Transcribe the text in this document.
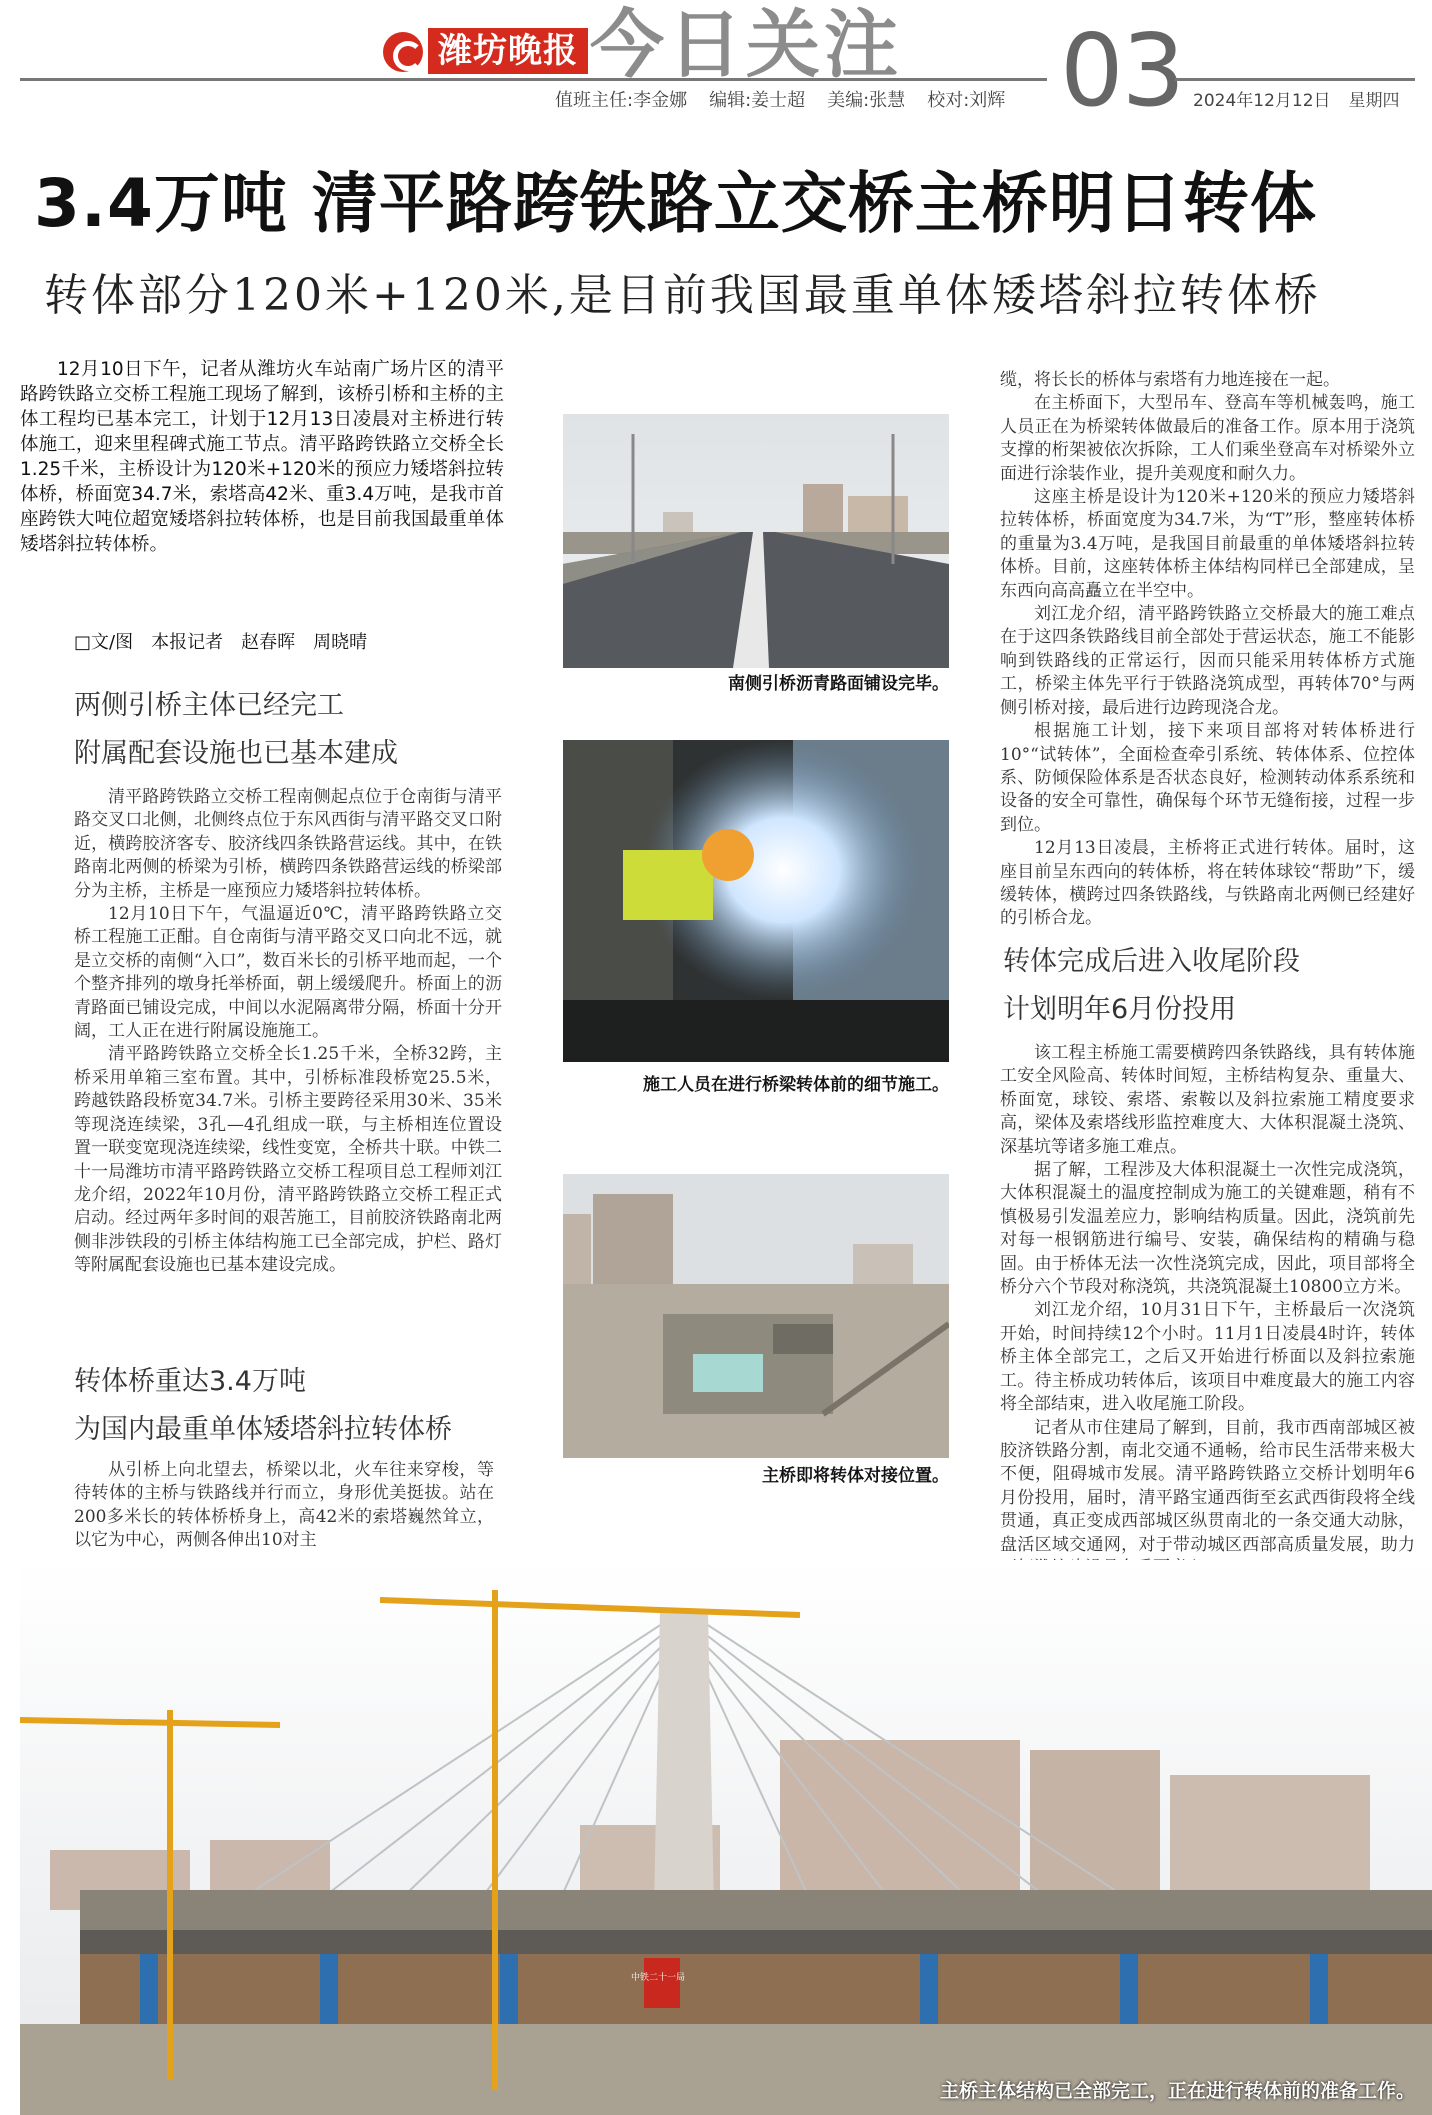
潍坊晚报 今日关注 03
值班主任:李金娜 编辑:姜士超 美编:张慧 校对:刘辉	2024年12月12日 星期四
3.4万吨 清平路跨铁路立交桥主桥明日转体
转体部分120米+120米,是目前我国最重单体矮塔斜拉转体桥

12月10日下午，记者从潍坊火车站南广场片区的清平路跨铁路立交桥工程施工现场了解到，该桥引桥和主桥的主体工程均已基本完工，计划于12月13日凌晨对主桥进行转体施工，迎来里程碑式施工节点。清平路跨铁路立交桥全长1.25千米，主桥设计为120米+120米的预应力矮塔斜拉转体桥，桥面宽34.7米，索塔高42米、重3.4万吨，是我市首座跨铁大吨位超宽矮塔斜拉转体桥，也是目前我国最重单体矮塔斜拉转体桥。

□文/图　本报记者　赵春晖　周晓晴
两侧引桥主体已经完工
附属配套设施也已基本建成

清平路跨铁路立交桥工程南侧起点位于仓南街与清平路交叉口北侧，北侧终点位于东风西街与清平路交叉口附近，横跨胶济客专、胶济线四条铁路营运线。其中，在铁路南北两侧的桥梁为引桥，横跨四条铁路营运线的桥梁部分为主桥，主桥是一座预应力矮塔斜拉转体桥。

12月10日下午，气温逼近0℃，清平路跨铁路立交桥工程施工正酣。自仓南街与清平路交叉口向北不远，就是立交桥的南侧“入口”，数百米长的引桥平地而起，一个个整齐排列的墩身托举桥面，朝上缓缓爬升。桥面上的沥青路面已铺设完成，中间以水泥隔离带分隔，桥面十分开阔，工人正在进行附属设施施工。

清平路跨铁路立交桥全长1.25千米，全桥32跨，主桥采用单箱三室布置。其中，引桥标准段桥宽25.5米，跨越铁路段桥宽34.7米。引桥主要跨径采用30米、35米等现浇连续梁，3孔—4孔组成一联，与主桥相连位置设置一联变宽现浇连续梁，线性变宽，全桥共十联。中铁二十一局潍坊市清平路跨铁路立交桥工程项目总工程师刘江龙介绍，2022年10月份，清平路跨铁路立交桥工程正式启动。经过两年多时间的艰苦施工，目前胶济铁路南北两侧非涉铁段的引桥主体结构施工已全部完成，护栏、路灯等附属配套设施也已基本建设完成。

转体桥重达3.4万吨
为国内最重单体矮塔斜拉转体桥

从引桥上向北望去，桥梁以北，火车往来穿梭，等待转体的主桥与铁路线并行而立，身形优美挺拔。站在200多米长的转体桥桥身上，高42米的索塔巍然耸立，以它为中心，两侧各伸出10对主

南侧引桥沥青路面铺设完毕。
施工人员在进行桥梁转体前的细节施工。
主桥即将转体对接位置。

缆，将长长的桥体与索塔有力地连接在一起。

在主桥面下，大型吊车、登高车等机械轰鸣，施工人员正在为桥梁转体做最后的准备工作。原本用于浇筑支撑的桁架被依次拆除，工人们乘坐登高车对桥梁外立面进行涂装作业，提升美观度和耐久力。

这座主桥是设计为120米+120米的预应力矮塔斜拉转体桥，桥面宽度为34.7米，为“T”形，整座转体桥的重量为3.4万吨，是我国目前最重的单体矮塔斜拉转体桥。目前，这座转体桥主体结构同样已全部建成，呈东西向高高矗立在半空中。

刘江龙介绍，清平路跨铁路立交桥最大的施工难点在于这四条铁路线目前全部处于营运状态，施工不能影响到铁路线的正常运行，因而只能采用转体桥方式施工，桥梁主体先平行于铁路浇筑成型，再转体70°与两侧引桥对接，最后进行边跨现浇合龙。

根据施工计划，接下来项目部将对转体桥进行10°“试转体”，全面检查牵引系统、转体体系、位控体系、防倾保险体系是否状态良好，检测转动体系系统和设备的安全可靠性，确保每个环节无缝衔接，过程一步到位。

12月13日凌晨，主桥将正式进行转体。届时，这座目前呈东西向的转体桥，将在转体球铰“帮助”下，缓缓转体，横跨过四条铁路线，与铁路南北两侧已经建好的引桥合龙。

转体完成后进入收尾阶段
计划明年6月份投用

该工程主桥施工需要横跨四条铁路线，具有转体施工安全风险高、转体时间短，主桥结构复杂、重量大、桥面宽，球铰、索塔、索鞍以及斜拉索施工精度要求高，梁体及索塔线形监控难度大、大体积混凝土浇筑、深基坑等诸多施工难点。

据了解，工程涉及大体积混凝土一次性完成浇筑，大体积混凝土的温度控制成为施工的关键难题，稍有不慎极易引发温差应力，影响结构质量。因此，浇筑前先对每一根钢筋进行编号、安装，确保结构的精确与稳固。由于桥体无法一次性浇筑完成，因此，项目部将全桥分六个节段对称浇筑，共浇筑混凝土10800立方米。

刘江龙介绍，10月31日下午，主桥最后一次浇筑开始，时间持续12个小时。11月1日凌晨4时许，转体桥主体全部完工，之后又开始进行桥面以及斜拉索施工。待主桥成功转体后，该项目中难度最大的施工内容将全部结束，进入收尾施工阶段。

记者从市住建局了解到，目前，我市西南部城区被胶济铁路分割，南北交通不通畅，给市民生活带来极大不便，阻碍城市发展。清平路跨铁路立交桥计划明年6月份投用，届时，清平路宝通西街至玄武西街段将全线贯通，真正变成西部城区纵贯南北的一条交通大动脉，盘活区域交通网，对于带动城区西部高质量发展，助力

中铁二十一局
主桥主体结构已全部完工，正在进行转体前的准备工作。
